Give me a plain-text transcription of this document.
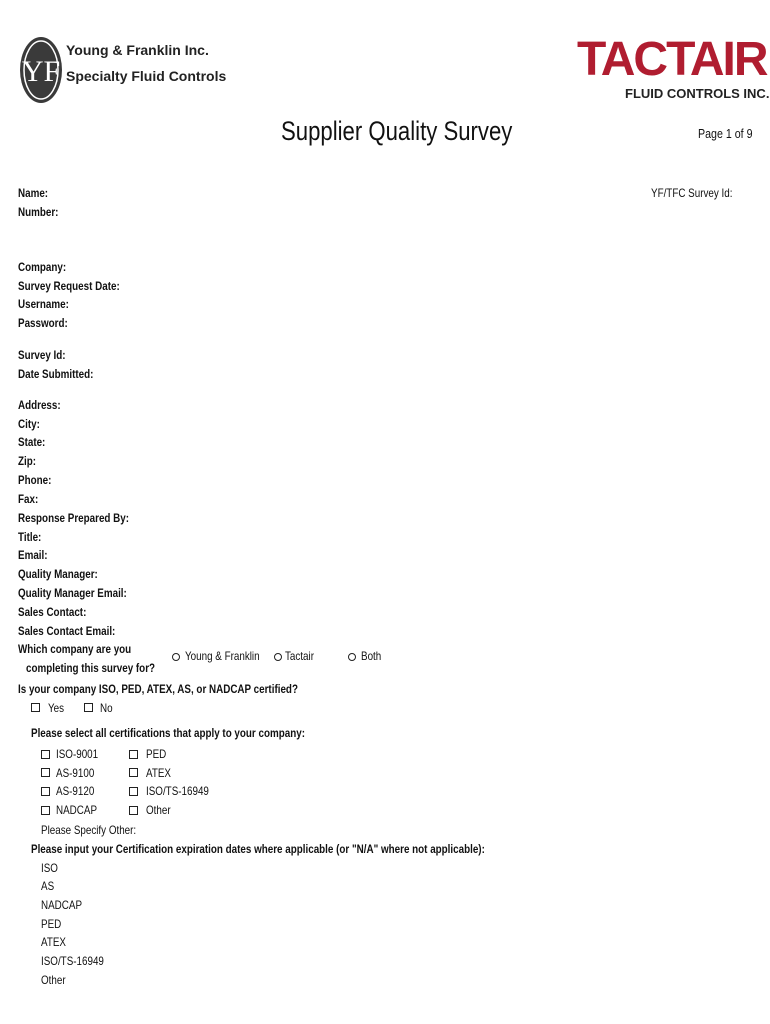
YF
Young & Franklin Inc.
Specialty Fluid Controls	TACTAIR
FLUID CONTROLS INC.
Supplier Quality Survey	Page 1 of 9
YF/TFC Survey Id:
Name:
Number:
Company:
Survey Request Date:
Username:
Password:
Survey Id:
Date Submitted:
Address:
City:
State:
Zip:
Phone:
Fax:
Response Prepared By:
Title:
Email:
Quality Manager:
Quality Manager Email:
Sales Contact:
Sales Contact Email:
Which company are you
completing this survey for?
Young & Franklin	Tactair	Both
Is your company ISO, PED, ATEX, AS, or NADCAP certified?
Yes	No
Please select all certifications that apply to your company:
ISO-9001
AS-9100
AS-9120
NADCAP
PED
ATEX
ISO/TS-16949
Other
Please Specify Other:
Please input your Certification expiration dates where applicable (or "N/A" where not applicable):
ISO
AS
NADCAP
PED
ATEX
ISO/TS-16949
Other
